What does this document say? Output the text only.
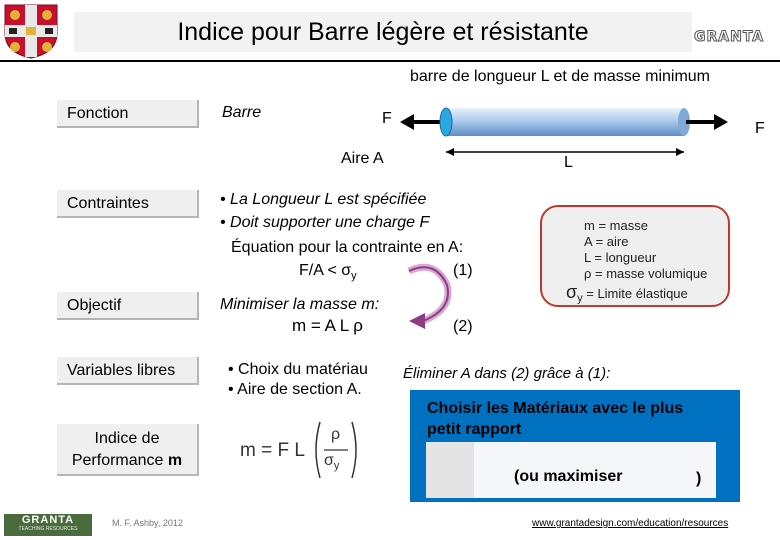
Indice pour Barre légère et résistante	GRANTA
barre de longueur L et de masse minimum
Fonction
Contraintes
Objectif
Variables libres
Indice de
Performance m
Barre	F
F
Aire A	L
• La Longueur L est spécifiée
• Doit supporter une charge F
Équation pour la contrainte en A:
$F/A < \sigma_y$	(1)
Minimiser la masse m:
m = A L ρ	(2)
• Choix du matériau
• Aire de section A.
Éliminer A dans (2) grâce à (1):
m = masse
A = aire
L = longueur
ρ = masse volumique
$\sigma_y$ = Limite élastique
m = F L
ρ
$\sigma_y$
Choisir les Matériaux avec le plus
petit rapport
(ou maximiser	)
GRANTA
TEACHING RESOURCES
M. F. Ashby, 2012	www.grantadesign.com/education/resources
